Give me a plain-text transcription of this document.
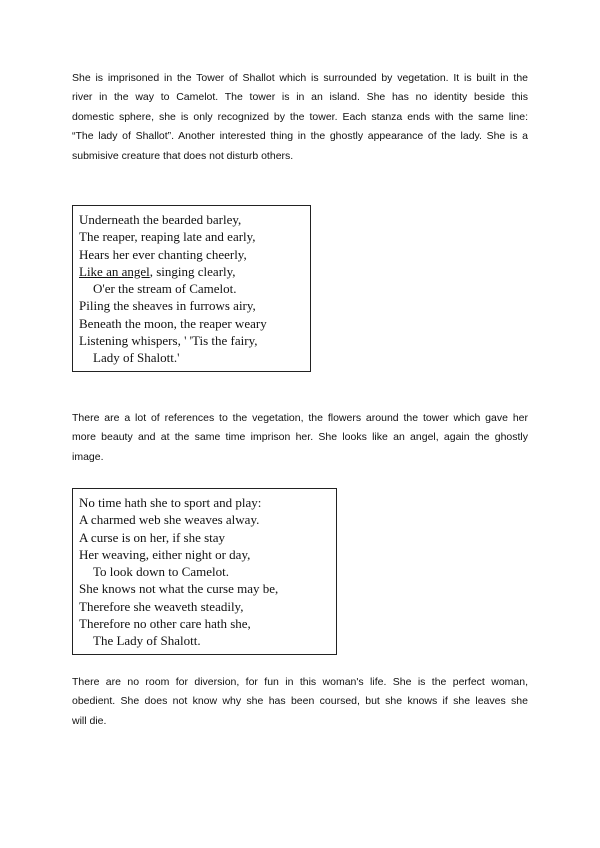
She is imprisoned in the Tower of Shallot which is surrounded by vegetation. It is built in the
river in the way to Camelot. The tower is in an island. She has no identity beside this
domestic sphere, she is only recognized by the tower. Each stanza ends with the same line:
“The lady of Shallot”. Another interested thing in the ghostly appearance of the lady. She is a
submisive creature that does not disturb others.
Underneath the bearded barley,
The reaper, reaping late and early,
Hears her ever chanting cheerly,
Like an angel, singing clearly,
O'er the stream of Camelot.
Piling the sheaves in furrows airy,
Beneath the moon, the reaper weary
Listening whispers, ' 'Tis the fairy,
Lady of Shalott.'
There are a lot of references to the vegetation, the flowers around the tower which gave her
more beauty and at the same time imprison her. She looks like an angel, again the ghostly
image.
No time hath she to sport and play:
A charmed web she weaves alway.
A curse is on her, if she stay
Her weaving, either night or day,
To look down to Camelot.
She knows not what the curse may be,
Therefore she weaveth steadily,
Therefore no other care hath she,
The Lady of Shalott.
There are no room for diversion, for fun in this woman's life. She is the perfect woman,
obedient. She does not know why she has been coursed, but she knows if she leaves she
will die.
